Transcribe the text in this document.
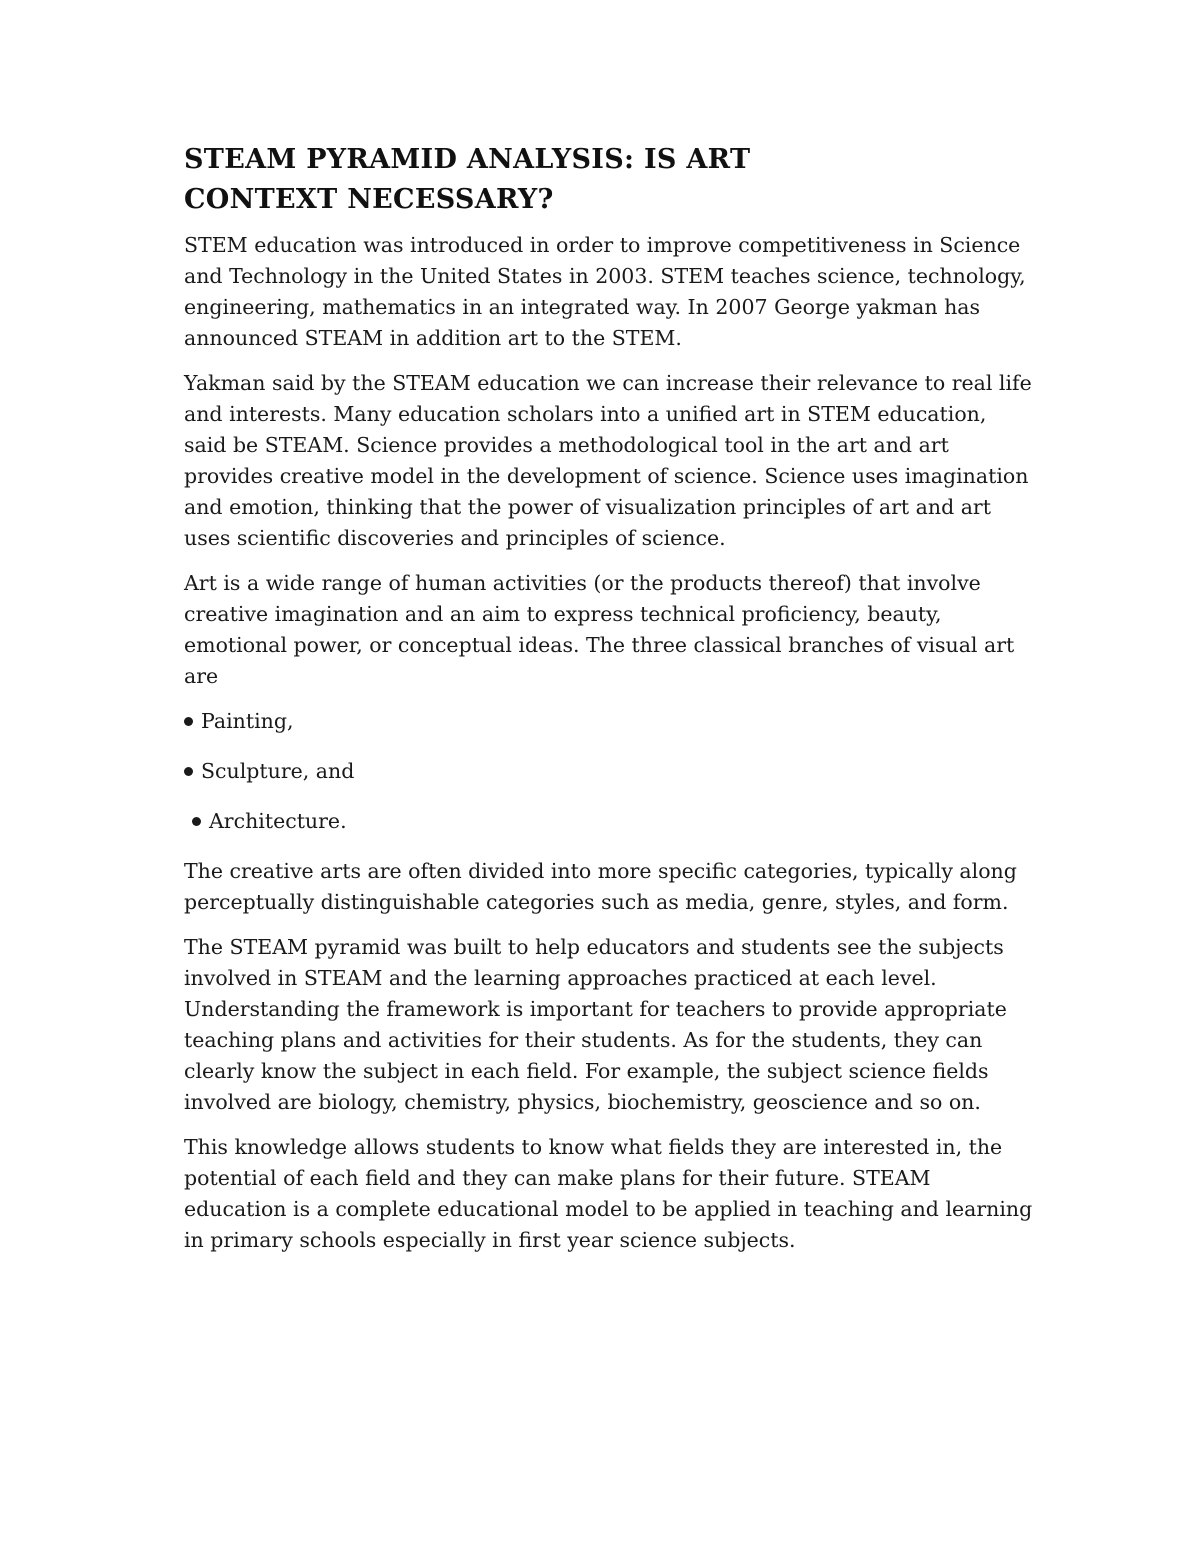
STEAM PYRAMID ANALYSIS: IS ART CONTEXT NECESSARY?

STEM education was introduced in order to improve competitiveness in Science and Technology in the United States in 2003. STEM teaches science, technology, engineering, mathematics in an integrated way. In 2007 George yakman has announced STEAM in addition art to the STEM.

Yakman said by the STEAM education we can increase their relevance to real life and interests. Many education scholars into a unified art in STEM education, said be STEAM. Science provides a methodological tool in the art and art provides creative model in the development of science. Science uses imagination and emotion, thinking that the power of visualization principles of art and art uses scientific discoveries and principles of science.

Art is a wide range of human activities (or the products thereof) that involve creative imagination and an aim to express technical proficiency, beauty, emotional power, or conceptual ideas. The three classical branches of visual art are

Painting,
Sculpture, and
Architecture.

The creative arts are often divided into more specific categories, typically along perceptually distinguishable categories such as media, genre, styles, and form.

The STEAM pyramid was built to help educators and students see the subjects involved in STEAM and the learning approaches practiced at each level. Understanding the framework is important for teachers to provide appropriate teaching plans and activities for their students. As for the students, they can clearly know the subject in each field. For example, the subject science fields involved are biology, chemistry, physics, biochemistry, geoscience and so on.

This knowledge allows students to know what fields they are interested in, the potential of each field and they can make plans for their future. STEAM education is a complete educational model to be applied in teaching and learning in primary schools especially in first year science subjects.
